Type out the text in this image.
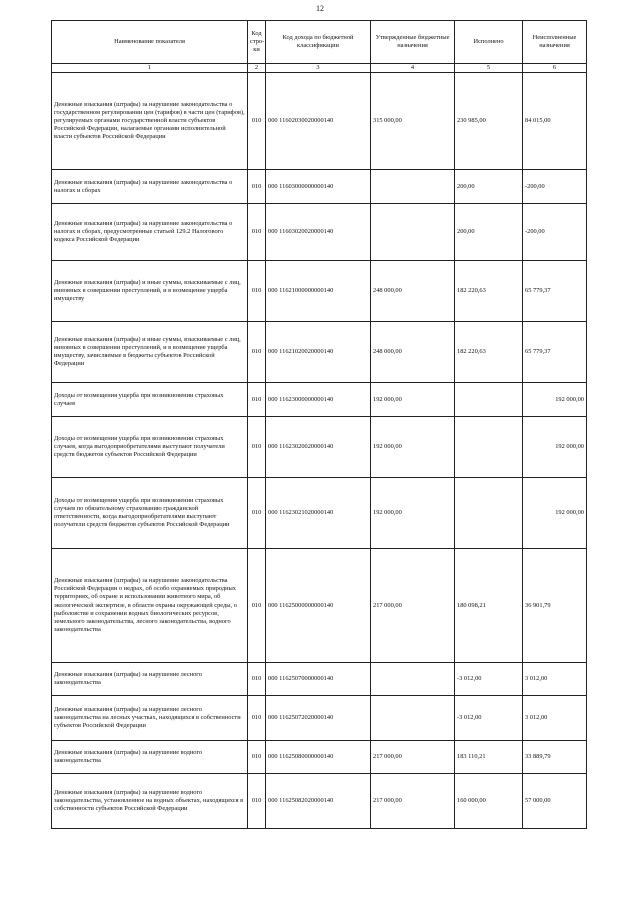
12
Наименование показателя	Код стро-ки	Код дохода по бюджетной классификации	Утвержденные бюджетные назначения	Исполнено	Неисполненные назначения
1	2	3	4	5	6
Денежные взыскания (штрафы) за нарушение законодательства о государственном регулировании цен (тарифов) в части цен (тарифов), регулируемых органами государственной власти субъектов Российской Федерации, налагаемые органами исполнительной власти субъектов Российской Федерации	010	000 11602030020000140	315 000,00	230 985,00	84 015,00
Денежные взыскания (штрафы) за нарушение законодательства о налогах и сборах	010	000 11603000000000140		200,00	-200,00
Денежные взыскания (штрафы) за нарушение законодательства о налогах и сборах, предусмотренные статьей 129.2 Налогового кодекса Российской Федерации	010	000 11603020020000140		200,00	-200,00
Денежные взыскания (штрафы) и иные суммы, взыскиваемые с лиц, виновных в совершении преступлений, и в возмещение ущерба имуществу	010	000 11621000000000140	248 000,00	182 220,63	65 779,37
Денежные взыскания (штрафы) и иные суммы, взыскиваемые с лиц, виновных в совершении преступлений, и в возмещение ущерба имуществу, зачисляемые в бюджеты субъектов Российской Федерации	010	000 11621020020000140	248 000,00	182 220,63	65 779,37
Доходы от возмещения ущерба при возникновении страховых случаев	010	000 11623000000000140	192 000,00		192 000,00
Доходы от возмещения ущерба при возникновении страховых случаев, когда выгодоприобретателями выступают получатели средств бюджетов субъектов Российской Федерации	010	000 11623020020000140	192 000,00		192 000,00
Доходы от возмещения ущерба при возникновении страховых случаев по обязательному страхованию гражданской ответственности, когда выгодоприобретателями выступают получатели средств бюджетов субъектов Российской Федерации	010	000 11623021020000140	192 000,00		192 000,00
Денежные взыскания (штрафы) за нарушение законодательства Российской Федерации о недрах, об особо охраняемых природных территориях, об охране и использовании животного мира, об экологической экспертизе, в области охраны окружающей среды, о рыболовстве и сохранении водных биологических ресурсов, земельного законодательства, лесного законодательства, водного законодательства	010	000 11625000000000140	217 000,00	180 098,21	36 901,79
Денежные взыскания (штрафы) за нарушение лесного законодательства	010	000 11625070000000140		-3 012,00	3 012,00
Денежные взыскания (штрафы) за нарушение лесного законодательства на лесных участках, находящихся в собственности субъектов Российской Федерации	010	000 11625072020000140		-3 012,00	3 012,00
Денежные взыскания (штрафы) за нарушение водного законодательства	010	000 11625080000000140	217 000,00	183 110,21	33 889,79
Денежные взыскания (штрафы) за нарушение водного законодательства, установленное на водных объектах, находящихся в собственности субъектов Российской Федерации	010	000 11625082020000140	217 000,00	160 000,00	57 000,00
